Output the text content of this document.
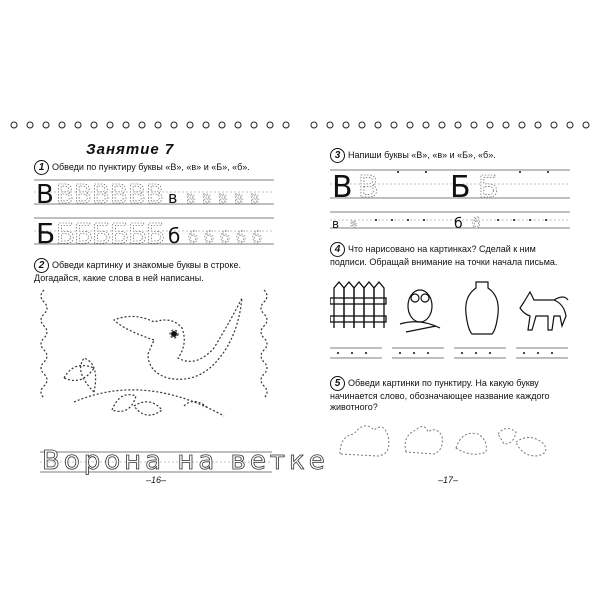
Занятие 7
1 Обведи по пунктиру буквы «В», «в» и «Б», «б».
В В В В В В В в в в в в в
Б Б
Б
Б
Б
Б
Б б б б б б б
2 Обведи картинку и знакомые буквы в строке. Догадайся, какие слова в ней написаны.
Ворона на ветке
–16–
3 Напиши буквы «В», «в» и «Б», «б».
В В Б Б
в в	б б
4 Что нарисовано на картинках? Сделай к ним подписи. Обращай внимание на точки начала письма.
5 Обведи картинки по пунктиру. На какую букву начинается слово, обозначающее название каждого животного?
–17–
